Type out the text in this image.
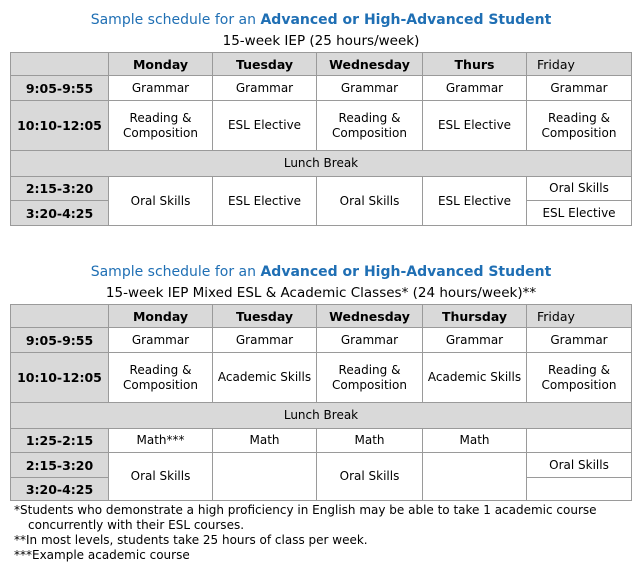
Sample schedule for an Advanced or High-Advanced Student
15-week IEP (25 hours/week)
	Monday	Tuesday	Wednesday	Thurs	Friday
9:05-9:55	Grammar	Grammar	Grammar	Grammar	Grammar
10:10-12:05	Reading & Composition	ESL Elective	Reading & Composition	ESL Elective	Reading & Composition
Lunch Break					
2:15-3:20	Oral Skills	ESL Elective	Oral Skills	ESL Elective	Oral Skills
3:20-4:25					ESL Elective
Sample schedule for an Advanced or High-Advanced Student
15-week IEP Mixed ESL & Academic Classes* (24 hours/week)**
	Monday	Tuesday	Wednesday	Thursday	Friday
9:05-9:55	Grammar	Grammar	Grammar	Grammar	Grammar
10:10-12:05	Reading & Composition	Academic Skills	Reading & Composition	Academic Skills	Reading & Composition
Lunch Break					
1:25-2:15	Math***	Math	Math	Math	
2:15-3:20	Oral Skills		Oral Skills		Oral Skills
3:20-4:25					
*Students who demonstrate a high proficiency in English may be able to take 1 academic course
concurrently with their ESL courses.
**In most levels, students take 25 hours of class per week.
***Example academic course
